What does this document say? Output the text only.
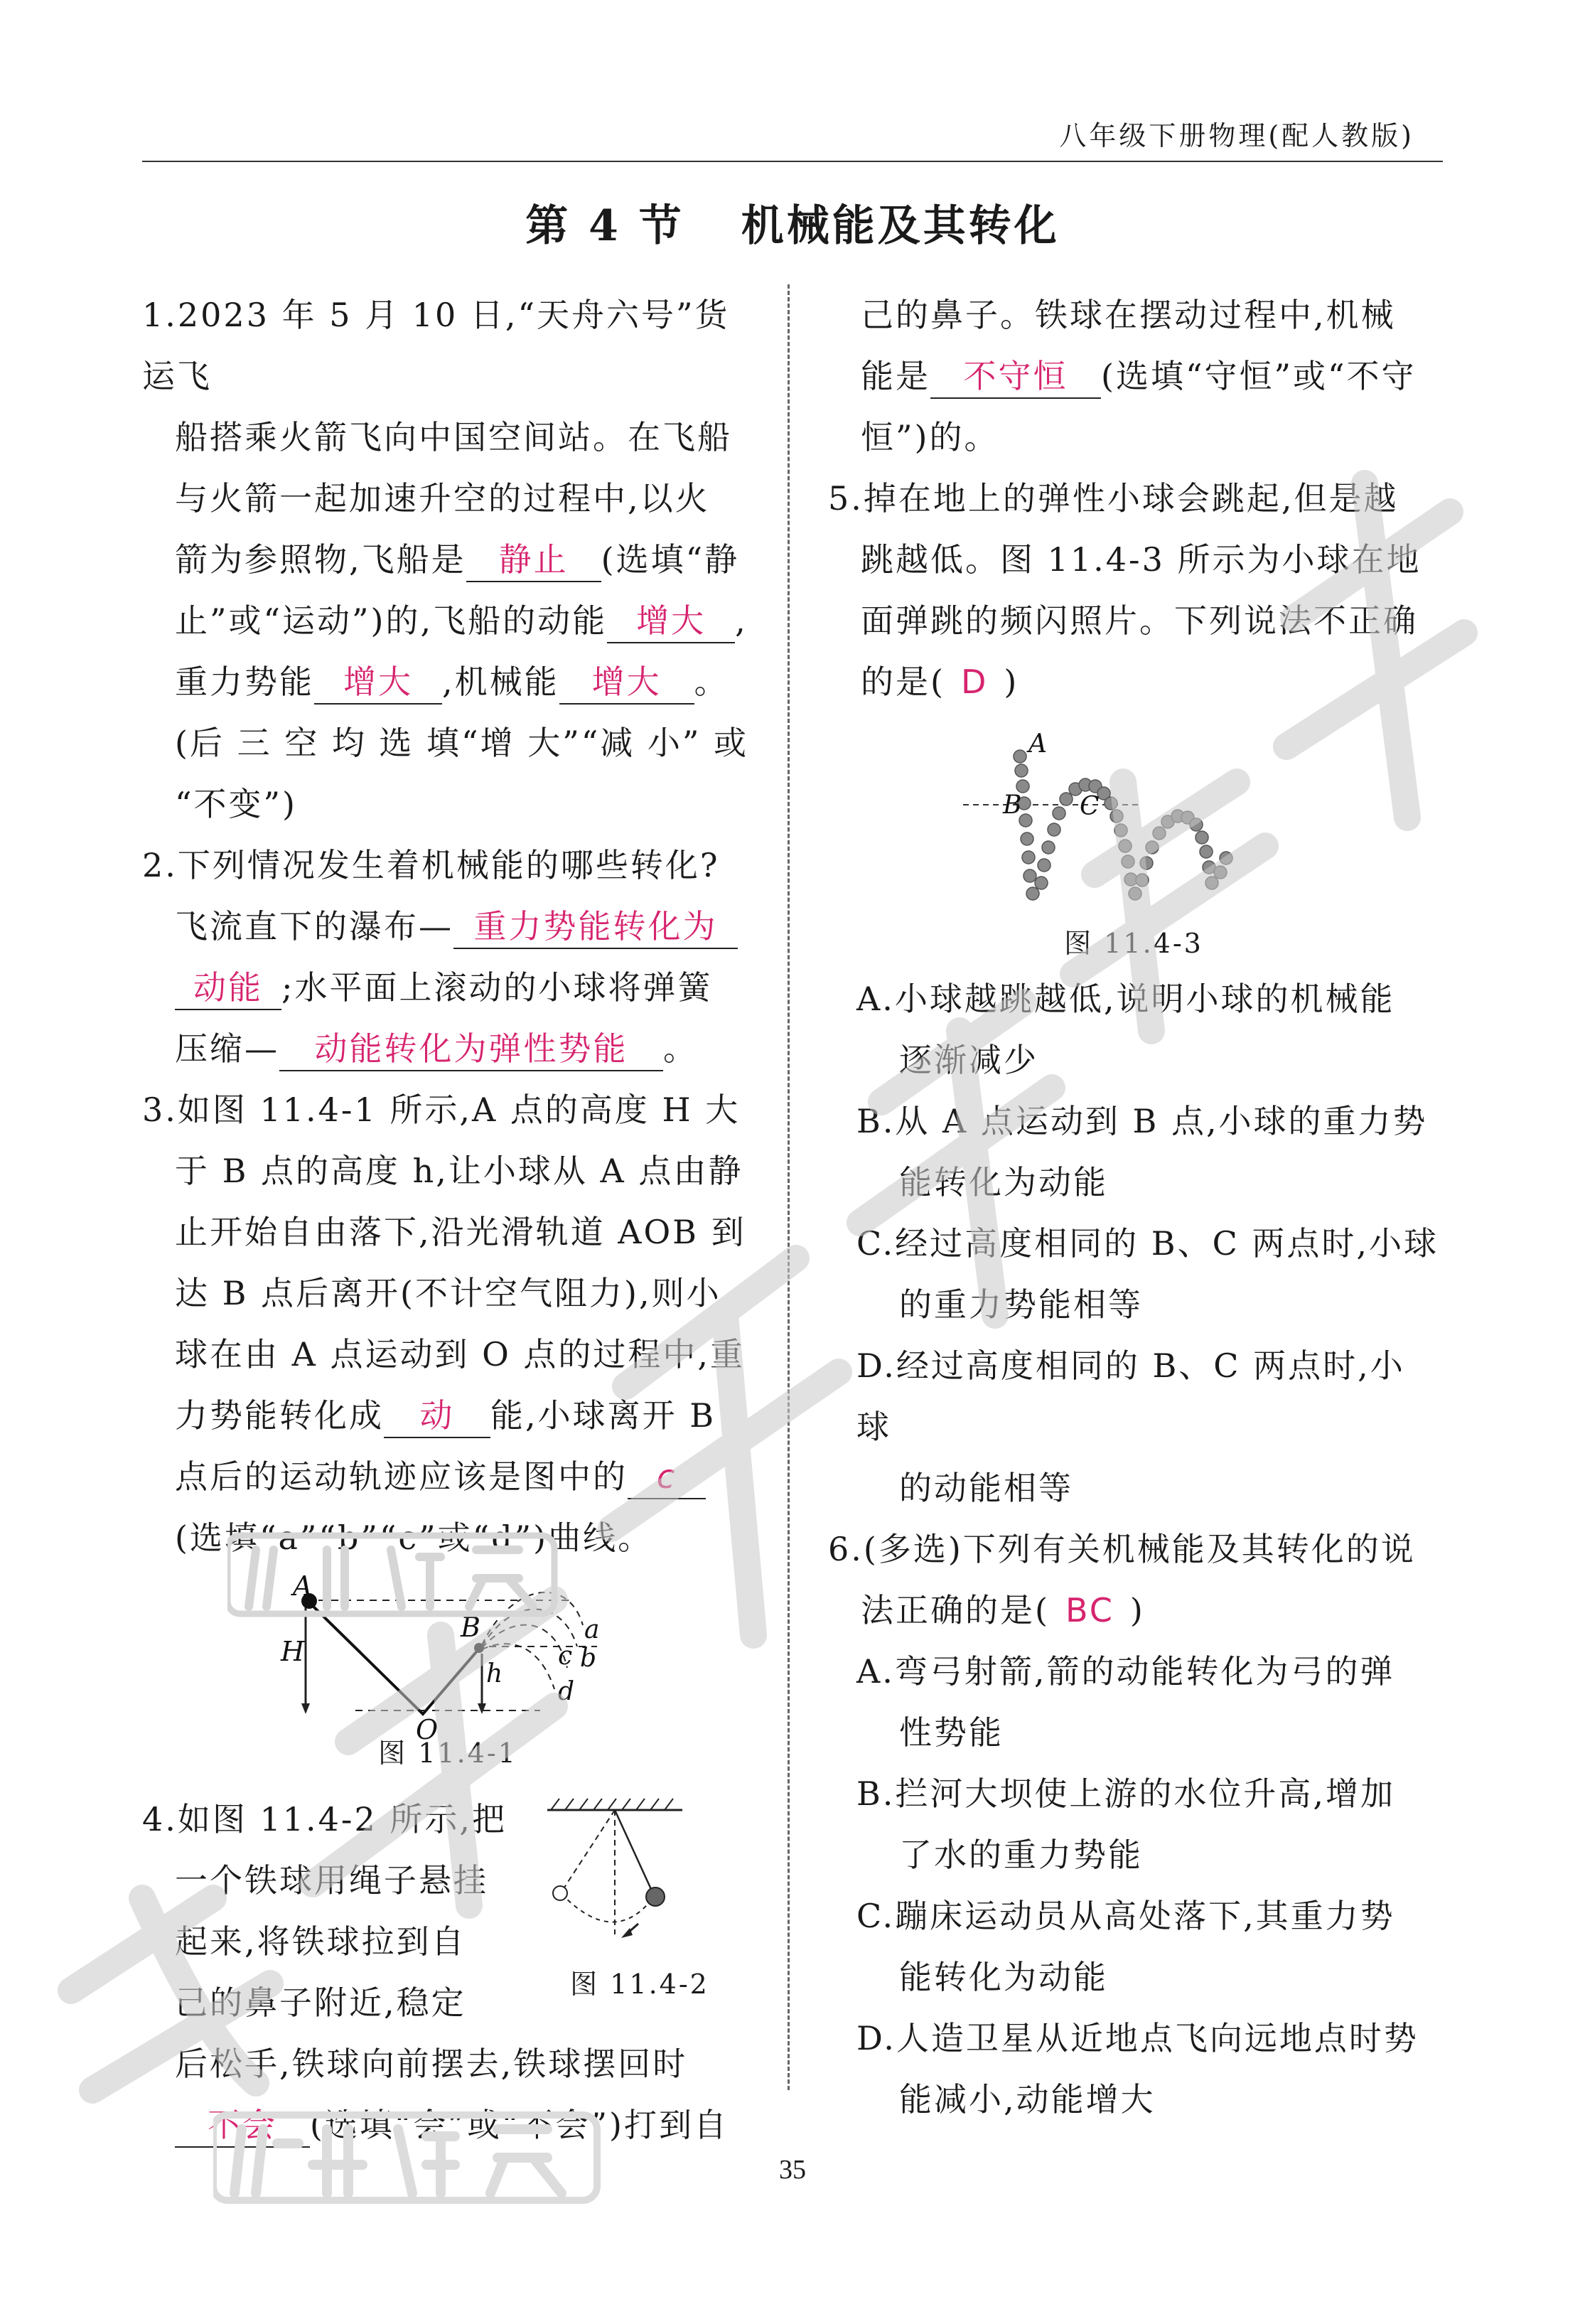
八年级下册物理(配人教版)
第 4 节 机械能及其转化
1.2023 年 5 月 10 日,“天舟六号”货运飞
船搭乘火箭飞向中国空间站。在飞船
与火箭一起加速升空的过程中,以火
箭为参照物,飞船是 静止 (选填“静
止”或“运动”)的,飞船的动能 增大 ,
重力势能 增大 ,机械能 增大 。
(后 三 空 均 选 填“增 大”“减 小” 或
“不变”)
2.下列情况发生着机械能的哪些转化?
飞流直下的瀑布— 重力势能转化为
动能 ;水平面上滚动的小球将弹簧
压缩— 动能转化为弹性势能 。
3.如图 11.4-1 所示,A 点的高度 H 大
于 B 点的高度 h,让小球从 A 点由静
止开始自由落下,沿光滑轨道 AOB 到
达 B 点后离开(不计空气阻力),则小
球在由 A 点运动到 O 点的过程中,重
力势能转化成 动 能,小球离开 B
点后的运动轨迹应该是图中的 c
(选填“a”“b”“c”或“d”)曲线。
A
B
H
h
O
a
b
c
d
图 11.4-1
4.如图 11.4-2 所示,把
一个铁球用绳子悬挂
起来,将铁球拉到自
己的鼻子附近,稳定
后松手,铁球向前摆去,铁球摆回时
不会 (选填“会”或“不会”)打到自
图 11.4-2
己的鼻子。铁球在摆动过程中,机械
能是 不守恒 (选填“守恒”或“不守
恒”)的。
5.掉在地上的弹性小球会跳起,但是越
跳越低。图 11.4-3 所示为小球在地
面弹跳的频闪照片。下列说法不正确
的是( D )
A
B C
图 11.4-3
A.小球越跳越低,说明小球的机械能
逐渐减少
B.从 A 点运动到 B 点,小球的重力势
能转化为动能
C.经过高度相同的 B、C 两点时,小球
的重力势能相等
D.经过高度相同的 B、C 两点时,小球
的动能相等
6.(多选)下列有关机械能及其转化的说
法正确的是( BC )
A.弯弓射箭,箭的动能转化为弓的弹
性势能
B.拦河大坝使上游的水位升高,增加
了水的重力势能
C.蹦床运动员从高处落下,其重力势
能转化为动能
D.人造卫星从近地点飞向远地点时势
能减小,动能增大
35
